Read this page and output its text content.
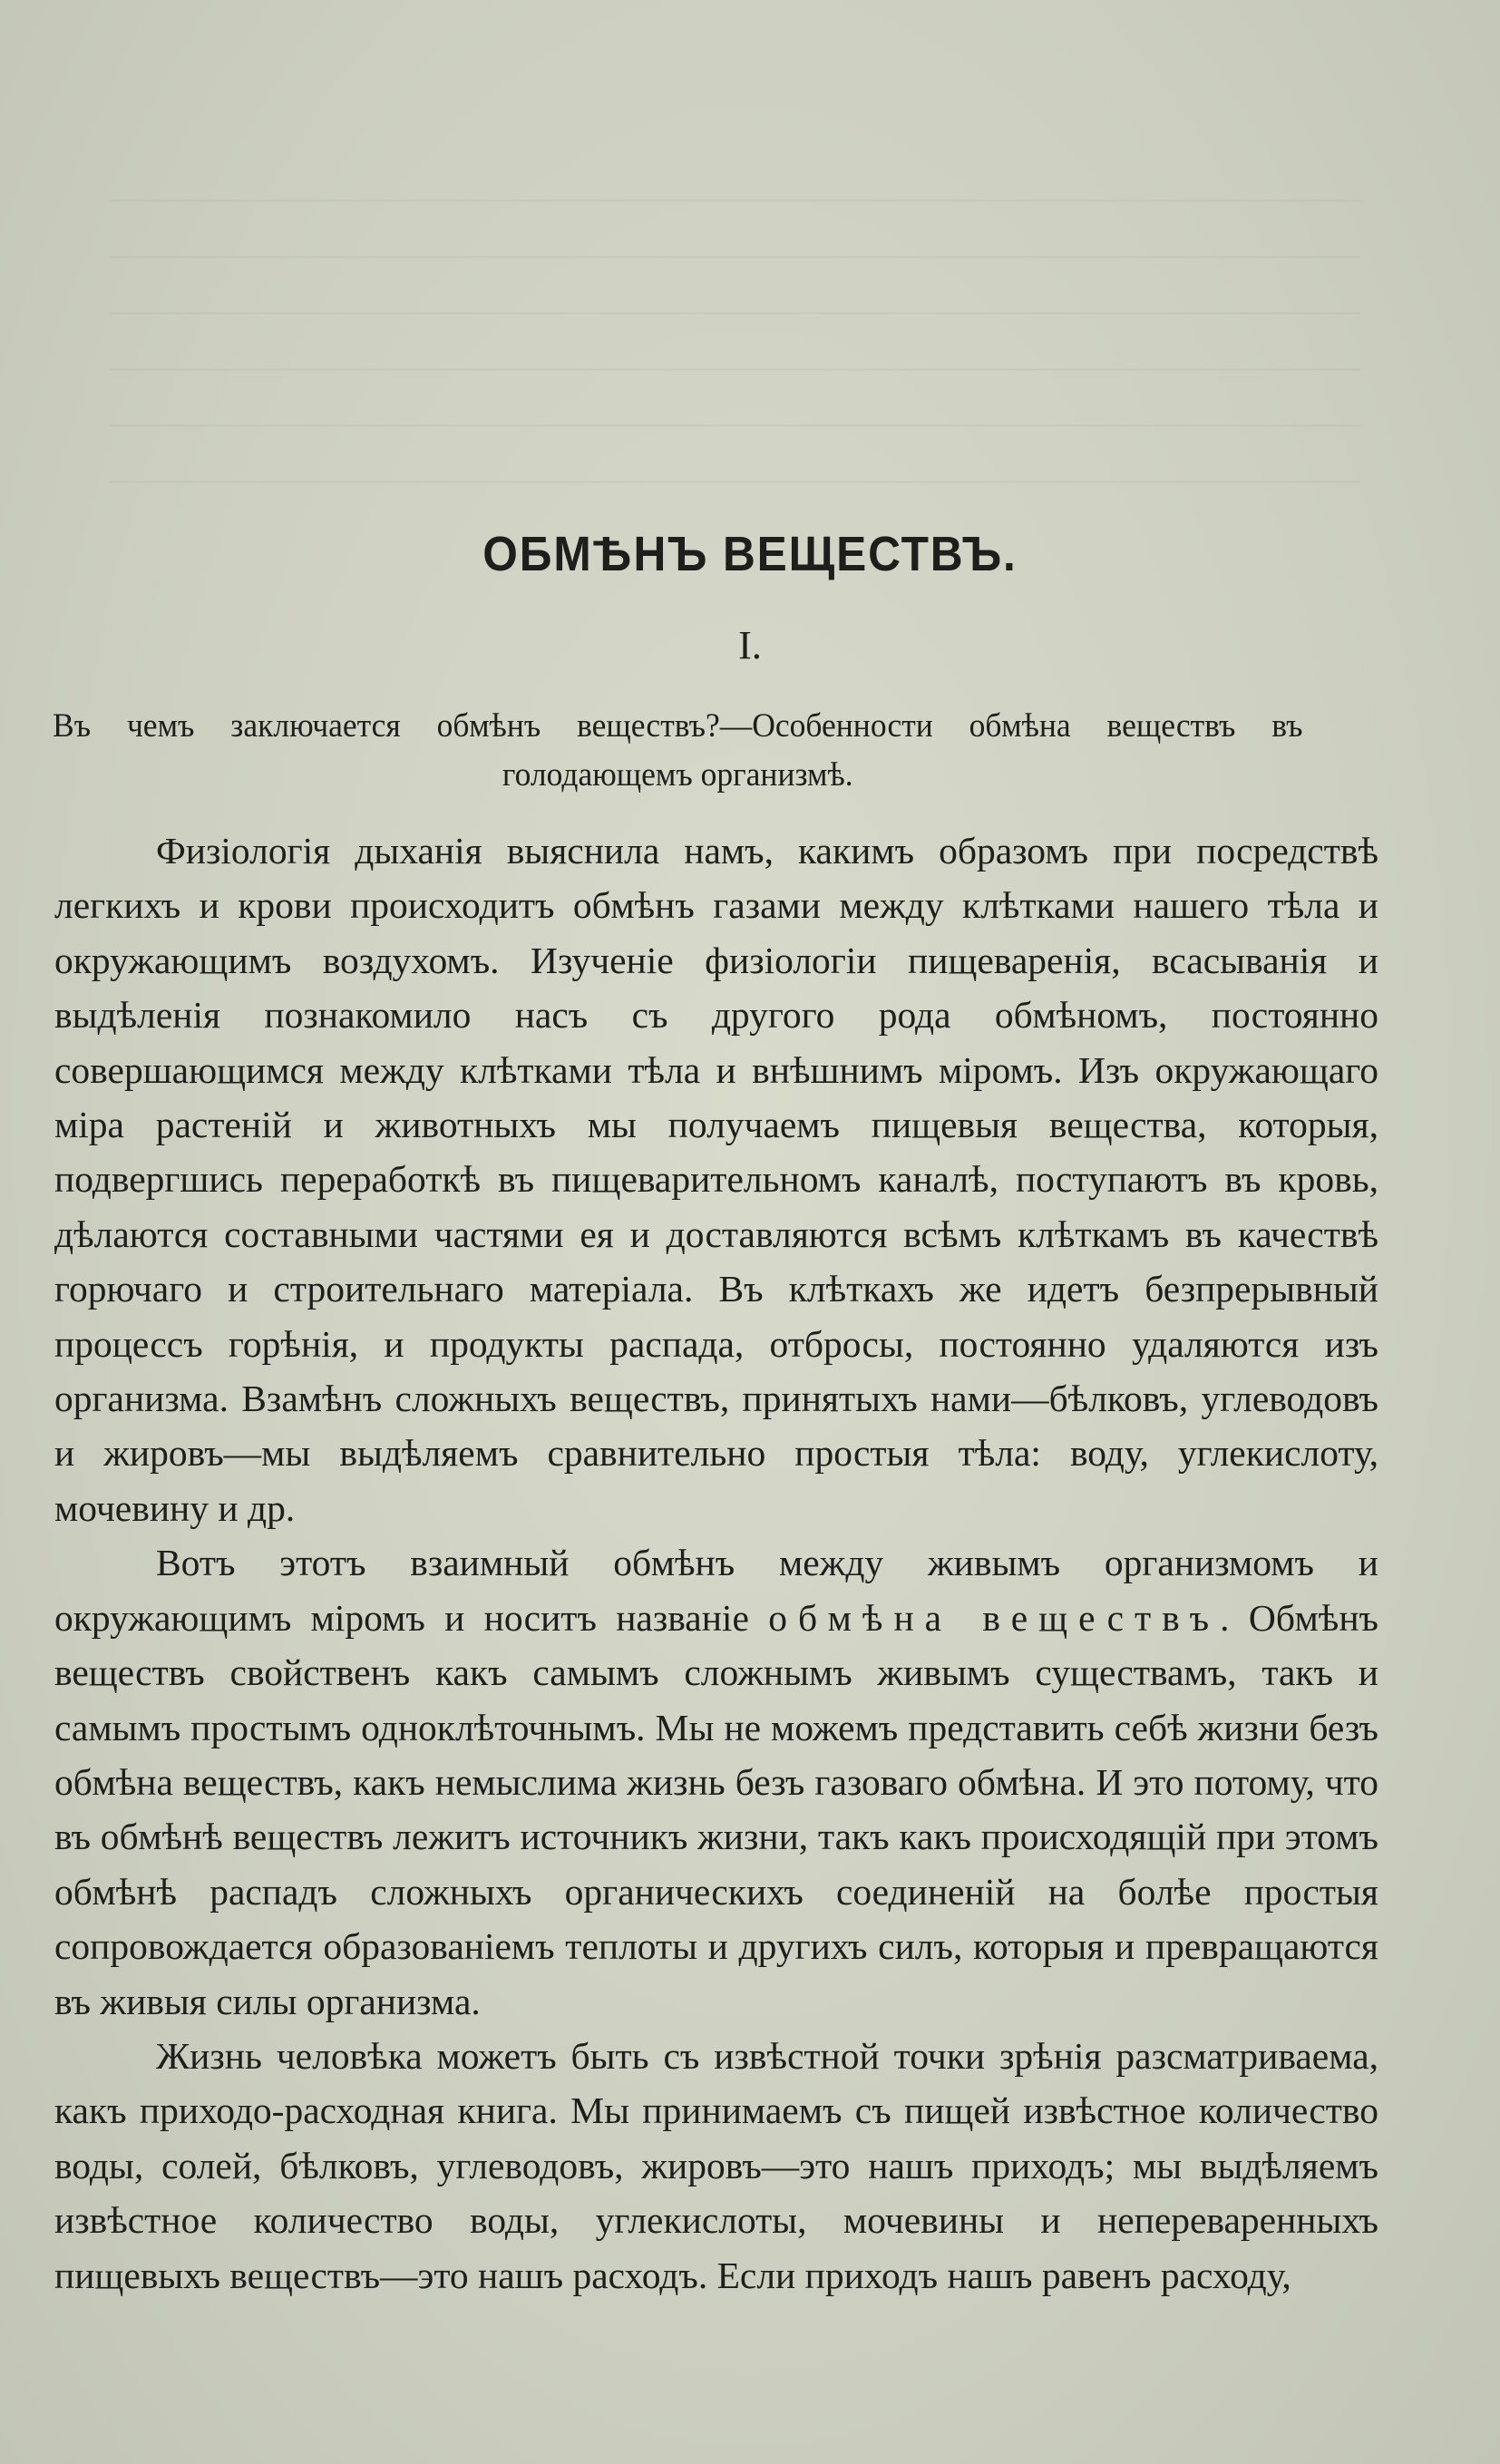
ОБМѢНЪ ВЕЩЕСТВЪ.
I.
Въ чемъ заключается обмѣнъ веществъ?—Особенности обмѣна веществъ въ голодающемъ организмѣ.

Физіологія дыханія выяснила намъ, какимъ образомъ при посредствѣ легкихъ и крови происходитъ обмѣнъ газами между клѣтками нашего тѣла и окружающимъ воздухомъ. Изученіе физіологіи пищеваренія, всасыванія и выдѣленія познакомило насъ съ другого рода обмѣномъ, постоянно совершающимся между клѣтками тѣла и внѣшнимъ міромъ. Изъ окружающаго міра растеній и животныхъ мы получаемъ пищевыя вещества, которыя, подвергшись переработкѣ въ пищеварительномъ каналѣ, поступаютъ въ кровь, дѣлаются составными частями ея и доставляются всѣмъ клѣткамъ въ качествѣ горючаго и строительнаго матеріала. Въ клѣткахъ же идетъ безпрерывный процессъ горѣнія, и продукты распада, отбросы, постоянно удаляются изъ организма. Взамѣнъ сложныхъ веществъ, принятыхъ нами—бѣлковъ, углеводовъ и жировъ—мы выдѣляемъ сравнительно простыя тѣла: воду, углекислоту, мочевину и др.

Вотъ этотъ взаимный обмѣнъ между живымъ организмомъ и окружающимъ міромъ и носитъ названіе обмѣна веществъ. Обмѣнъ веществъ свойственъ какъ самымъ сложнымъ живымъ существамъ, такъ и самымъ простымъ одноклѣточнымъ. Мы не можемъ представить себѣ жизни безъ обмѣна веществъ, какъ немыслима жизнь безъ газоваго обмѣна. И это потому, что въ обмѣнѣ веществъ лежитъ источникъ жизни, такъ какъ происходящій при этомъ обмѣнѣ распадъ сложныхъ органическихъ соединеній на болѣе простыя сопровождается образованіемъ теплоты и другихъ силъ, которыя и превращаются въ живыя силы организма.

Жизнь человѣка можетъ быть съ извѣстной точки зрѣнія разсматриваема, какъ приходо-расходная книга. Мы принимаемъ съ пищей извѣстное количество воды, солей, бѣлковъ, углеводовъ, жировъ—это нашъ приходъ; мы выдѣляемъ извѣстное количество воды, углекислоты, мочевины и непереваренныхъ пищевыхъ веществъ—это нашъ расходъ. Если приходъ нашъ равенъ расходу,
